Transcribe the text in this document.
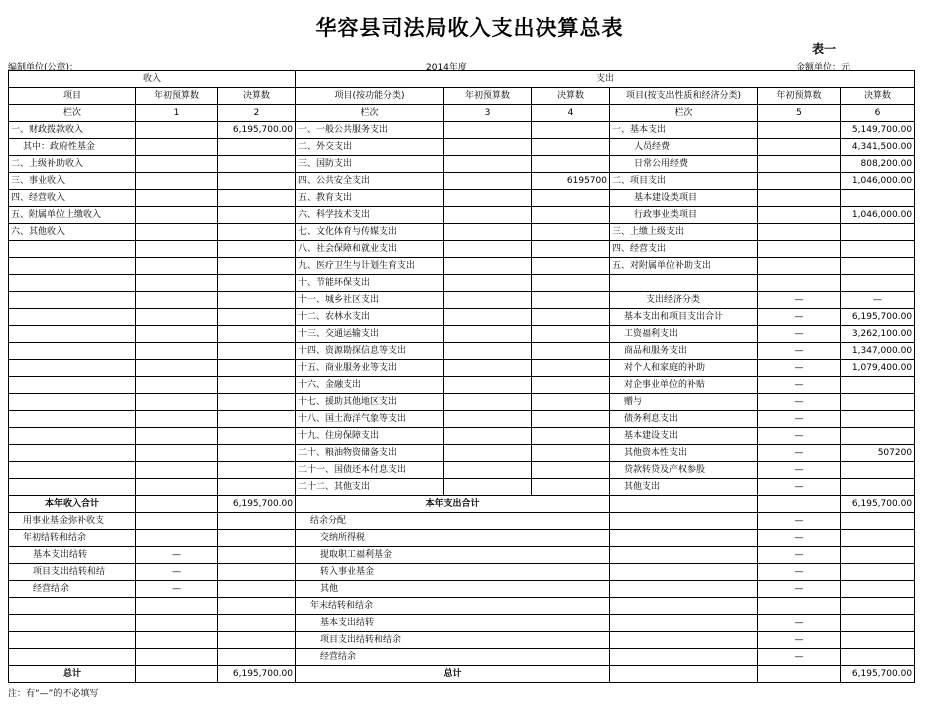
华容县司法局收入支出决算总表
表一
编制单位(公章)：	2014年度	金额单位：元
收入			支出					
项目	年初预算数	决算数	项目(按功能分类)	年初预算数	决算数	项目(按支出性质和经济分类)	年初预算数	决算数
栏次	1	2	栏次	3	4	栏次	5	6
一、财政拨款收入		6,195,700.00	一、一般公共服务支出			一、基本支出		5,149,700.00
其中：政府性基金			二、外交支出			人员经费		4,341,500.00
二、上级补助收入			三、国防支出			日常公用经费		808,200.00
三、事业收入			四、公共安全支出		6195700	二、项目支出		1,046,000.00
四、经营收入			五、教育支出			基本建设类项目		
五、附属单位上缴收入			六、科学技术支出			行政事业类项目		1,046,000.00
六、其他收入			七、文化体育与传媒支出			三、上缴上级支出		
			八、社会保障和就业支出			四、经营支出		
			九、医疗卫生与计划生育支出			五、对附属单位补助支出		
			十、节能环保支出					
			十一、城乡社区支出			支出经济分类	—	—
			十二、农林水支出			基本支出和项目支出合计	—	6,195,700.00
			十三、交通运输支出			工资福利支出	—	3,262,100.00
			十四、资源勘探信息等支出			商品和服务支出	—	1,347,000.00
			十五、商业服务业等支出			对个人和家庭的补助	—	1,079,400.00
			十六、金融支出			对企事业单位的补贴	—	
			十七、援助其他地区支出			赠与	—	
			十八、国土海洋气象等支出			债务利息支出	—	
			十九、住房保障支出			基本建设支出	—	
			二十、粮油物资储备支出			其他资本性支出	—	507200
			二十一、国债还本付息支出			贷款转贷及产权参股	—	
			二十二、其他支出			其他支出	—	
本年收入合计		6,195,700.00	本年支出合计					6,195,700.00
用事业基金弥补收支			结余分配				—	
年初结转和结余			交纳所得税				—	
基本支出结转	—		提取职工福利基金				—	
项目支出结转和结	—		转入事业基金				—	
经营结余	—		其他				—	
			年末结转和结余					
			基本支出结转				—	
			项目支出结转和结余				—	
			经营结余				—	
总计		6,195,700.00	总计					6,195,700.00
注：有“—”的不必填写
